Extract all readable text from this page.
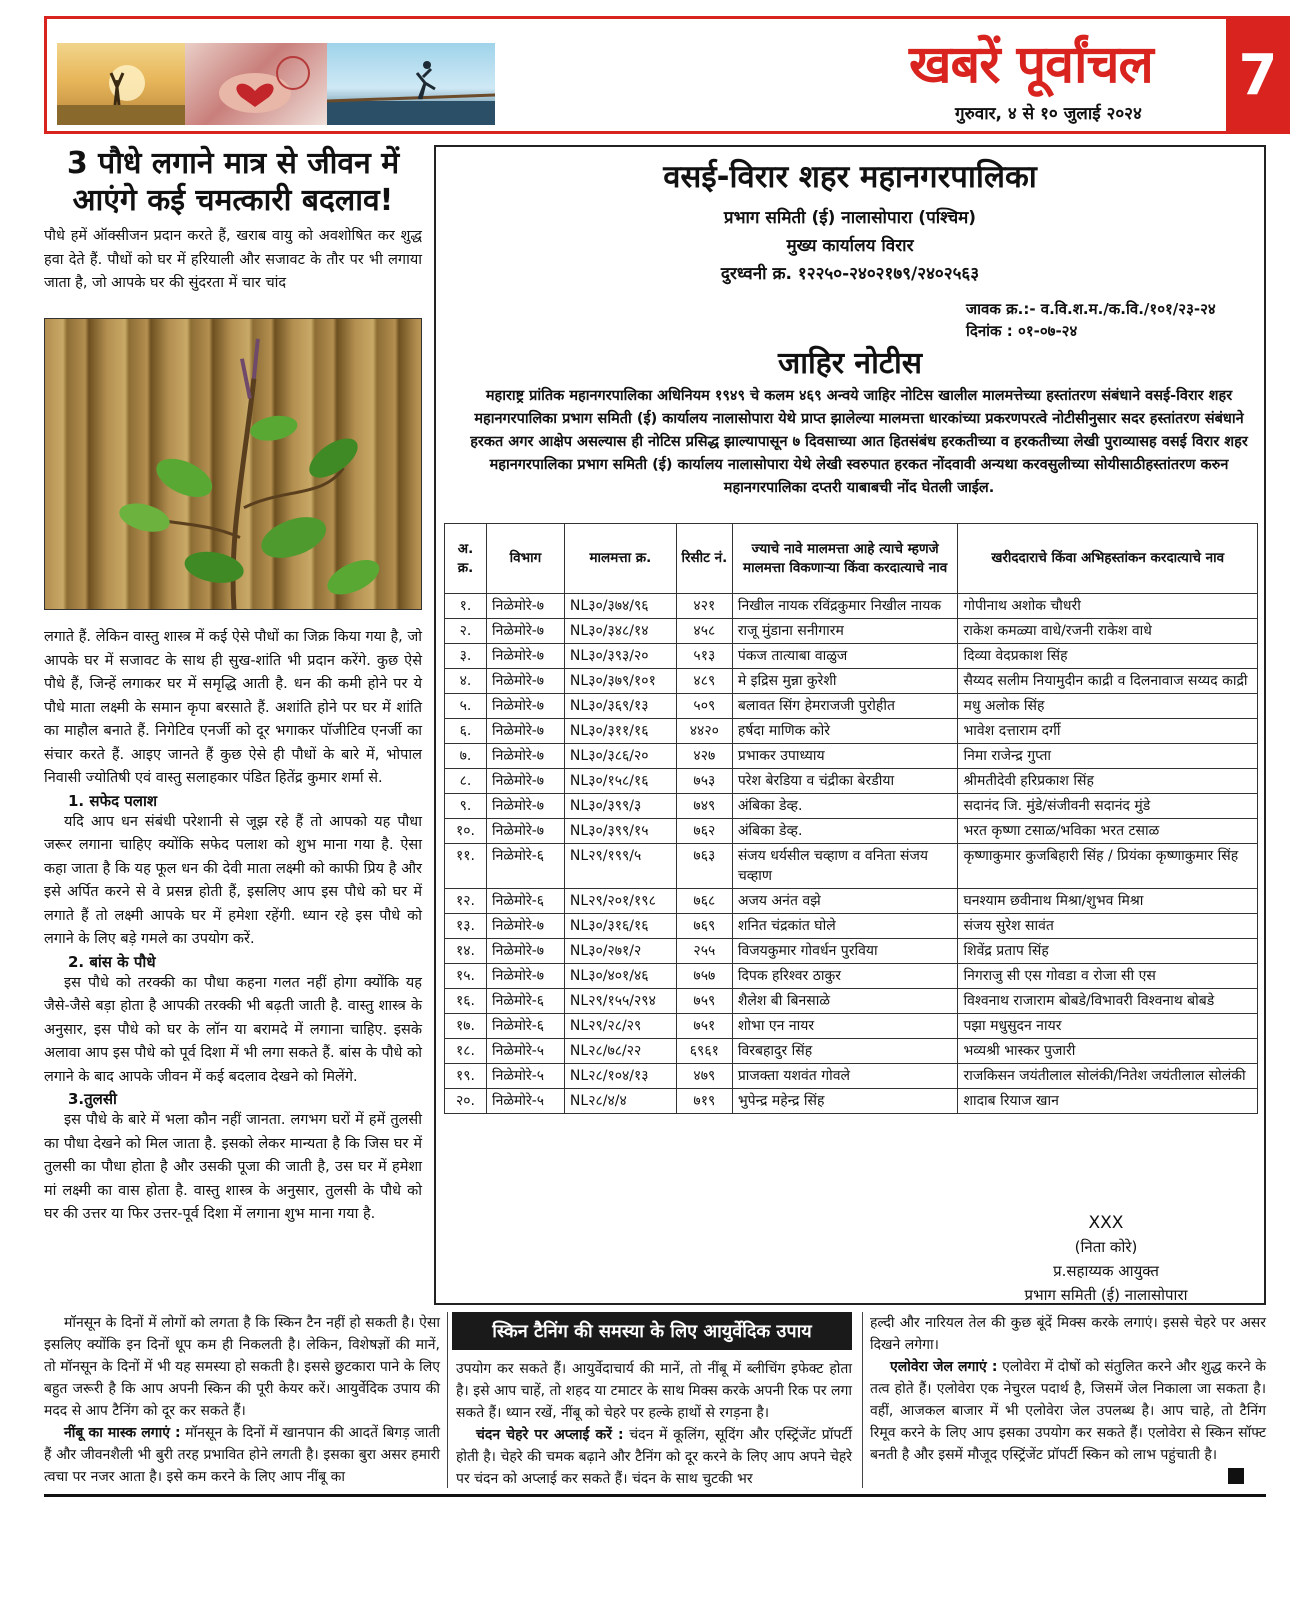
खबरें पूर्वांचल
गुरुवार, ४ से १० जुलाई २०२४
7
3 पौधे लगाने मात्र से जीवन में आएंगे कई चमत्कारी बदलाव!

पौधे हमें ऑक्सीजन प्रदान करते हैं, खराब वायु को अवशोषित कर शुद्ध हवा देते हैं. पौधों को घर में हरियाली और सजावट के तौर पर भी लगाया जाता है, जो आपके घर की सुंदरता में चार चांद

लगाते हैं. लेकिन वास्तु शास्त्र में कई ऐसे पौधों का जिक्र किया गया है, जो आपके घर में सजावट के साथ ही सुख-शांति भी प्रदान करेंगे. कुछ ऐसे पौधे हैं, जिन्हें लगाकर घर में समृद्धि आती है. धन की कमी होने पर ये पौधे माता लक्ष्मी के समान कृपा बरसाते हैं. अशांति होने पर घर में शांति का माहौल बनाते हैं. निगेटिव एनर्जी को दूर भगाकर पॉजीटिव एनर्जी का संचार करते हैं. आइए जानते हैं कुछ ऐसे ही पौधों के बारे में, भोपाल निवासी ज्योतिषी एवं वास्तु सलाहकार पंडित हितेंद्र कुमार शर्मा से.

1. सफेद पलाश

यदि आप धन संबंधी परेशानी से जूझ रहे हैं तो आपको यह पौधा जरूर लगाना चाहिए क्योंकि सफेद पलाश को शुभ माना गया है. ऐसा कहा जाता है कि यह फूल धन की देवी माता लक्ष्मी को काफी प्रिय है और इसे अर्पित करने से वे प्रसन्न होती हैं, इसलिए आप इस पौधे को घर में लगाते हैं तो लक्ष्मी आपके घर में हमेशा रहेंगी. ध्यान रहे इस पौधे को लगाने के लिए बड़े गमले का उपयोग करें.

2. बांस के पौधे

इस पौधे को तरक्की का पौधा कहना गलत नहीं होगा क्योंकि यह जैसे-जैसे बड़ा होता है आपकी तरक्की भी बढ़ती जाती है. वास्तु शास्त्र के अनुसार, इस पौधे को घर के लॉन या बरामदे में लगाना चाहिए. इसके अलावा आप इस पौधे को पूर्व दिशा में भी लगा सकते हैं. बांस के पौधे को लगाने के बाद आपके जीवन में कई बदलाव देखने को मिलेंगे.

3.तुलसी

इस पौधे के बारे में भला कौन नहीं जानता. लगभग घरों में हमें तुलसी का पौधा देखने को मिल जाता है. इसको लेकर मान्यता है कि जिस घर में तुलसी का पौधा होता है और उसकी पूजा की जाती है, उस घर में हमेशा मां लक्ष्मी का वास होता है. वास्तु शास्त्र के अनुसार, तुलसी के पौधे को घर की उत्तर या फिर उत्तर-पूर्व दिशा में लगाना शुभ माना गया है.

वसई-विरार शहर महानगरपालिका
प्रभाग समिती (ई) नालासोपारा (पश्चिम)
मुख्य कार्यालय विरार
दुरध्वनी क्र. १२२५०-२४०२१७९/२४०२५६३
जावक क्र.:- व.वि.श.म./क.वि./१०१/२३-२४
दिनांक : ०१-०७-२४
जाहिर नोटीस
महाराष्ट्र प्रांतिक महानगरपालिका अधिनियम १९४९ चे कलम ४६९ अन्वये जाहिर नोटिस खालील मालमत्तेच्या हस्तांतरण संबंधाने वसई-विरार शहर महानगरपालिका प्रभाग समिती (ई) कार्यालय नालासोपारा येथे प्राप्त झालेल्या मालमत्ता धारकांच्या प्रकरणपरत्वे नोटीसीनुसार सदर हस्तांतरण संबंधाने हरकत अगर आक्षेप असल्यास ही नोटिस प्रसिद्ध झाल्यापासून ७ दिवसाच्या आत हितसंबंध हरकतीच्या व हरकतीच्या लेखी पुराव्यासह वसई विरार शहर महानगरपालिका प्रभाग समिती (ई) कार्यालय नालासोपारा येथे लेखी स्वरुपात हरकत नोंदवावी अन्यथा करवसुलीच्या सोयीसाठीहस्तांतरण करुन महानगरपालिका दप्तरी याबाबची नोंद घेतली जाईल.
अ. क्र.	विभाग	मालमत्ता क्र.	रिसीट नं.	ज्याचे नावे मालमत्ता आहे त्याचे म्हणजे मालमत्ता विकणाऱ्या किंवा करदात्याचे नाव	खरीददाराचे किंवा अभिहस्तांकन करदात्याचे नाव
१.	निळेमोरे-७	NL३०/३७४/९६	४२१	निखील नायक रविंद्रकुमार निखील नायक	गोपीनाथ अशोक चौधरी
२.	निळेमोरे-७	NL३०/३४८/१४	४५८	राजू मुंडाना सनीगारम	राकेश कमळ्या वाधे/रजनी राकेश वाधे
३.	निळेमोरे-७	NL३०/३९३/२०	५१३	पंकज तात्याबा वाळुज	दिव्या वेदप्रकाश सिंह
४.	निळेमोरे-७	NL३०/३७९/१०१	४८९	मे इद्रिस मुन्ना कुरेशी	सैय्यद सलीम नियामुदीन काद्री व दिलनावाज सय्यद काद्री
५.	निळेमोरे-७	NL३०/३६९/१३	५०९	बलावत सिंग हेमराजजी पुरोहीत	मधु अलोक सिंह
६.	निळेमोरे-७	NL३०/३११/१६	४४२०	हर्षदा माणिक कोरे	भावेश दत्ताराम दर्गी
७.	निळेमोरे-७	NL३०/३८६/२०	४२७	प्रभाकर उपाध्याय	निमा राजेन्द्र गुप्ता
८.	निळेमोरे-७	NL३०/१५८/१६	७५३	परेश बेरडिया व चंद्रीका बेरडीया	श्रीमतीदेवी हरिप्रकाश सिंह
९.	निळेमोरे-७	NL३०/३९९/३	७४९	अंबिका डेव्ह.	सदानंद जि. मुंडे/संजीवनी सदानंद मुंडे
१०.	निळेमोरे-७	NL३०/३९९/१५	७६२	अंबिका डेव्ह.	भरत कृष्णा टसाळ/भविका भरत टसाळ
११.	निळेमोरे-६	NL२९/१९९/५	७६३	संजय धर्यसील चव्हाण व वनिता संजय चव्हाण	कृष्णाकुमार कुजबिहारी सिंह / प्रियंका कृष्णाकुमार सिंह
१२.	निळेमोरे-६	NL२९/२०१/१९८	७६८	अजय अनंत वझे	घनश्याम छवीनाथ मिश्रा/शुभव मिश्रा
१३.	निळेमोरे-७	NL३०/३१६/१६	७६९	शनित चंद्रकांत घोले	संजय सुरेश सावंत
१४.	निळेमोरे-७	NL३०/२७१/२	२५५	विजयकुमार गोवर्धन पुरविया	शिवेंद्र प्रताप सिंह
१५.	निळेमोरे-७	NL३०/४०१/४६	७५७	दिपक हरिश्वर ठाकुर	निगराजु सी एस गोवडा व रोजा सी एस
१६.	निळेमोरे-६	NL२९/१५५/२९४	७५९	शैलेश बी बिनसाळे	विश्वनाथ राजाराम बोबडे/विभावरी विश्वनाथ बोबडे
१७.	निळेमोरे-६	NL२९/२८/२९	७५१	शोभा एन नायर	पझा मधुसुदन नायर
१८.	निळेमोरे-५	NL२८/७८/२२	६९६१	विरबहादुर सिंह	भव्यश्री भास्कर पुजारी
१९.	निळेमोरे-५	NL२८/१०४/१३	४७९	प्राजक्ता यशवंत गोवले	राजकिसन जयंतीलाल सोलंकी/नितेश जयंतीलाल सोलंकी
२०.	निळेमोरे-५	NL२८/४/४	७१९	भुपेन्द्र महेन्द्र सिंह	शादाब रियाज खान
XXX
(निता कोरे)
प्र.सहाय्यक आयुक्त
प्रभाग समिती (ई) नालासोपारा

मॉनसून के दिनों में लोगों को लगता है कि स्किन टैन नहीं हो सकती है। ऐसा इसलिए क्योंकि इन दिनों धूप कम ही निकलती है। लेकिन, विशेषज्ञों की मानें, तो मॉनसून के दिनों में भी यह समस्या हो सकती है। इससे छुटकारा पाने के लिए बहुत जरूरी है कि आप अपनी स्किन की पूरी केयर करें। आयुर्वेदिक उपाय की मदद से आप टैनिंग को दूर कर सकते हैं।

नींबू का मास्क लगाएं : मॉनसून के दिनों में खानपान की आदतें बिगड़ जाती हैं और जीवनशैली भी बुरी तरह प्रभावित होने लगती है। इसका बुरा असर हमारी त्वचा पर नजर आता है। इसे कम करने के लिए आप नींबू का

स्किन टैनिंग की समस्या के लिए आयुर्वेदिक उपाय

उपयोग कर सकते हैं। आयुर्वेदाचार्य की मानें, तो नींबू में ब्लीचिंग इफेक्ट होता है। इसे आप चाहें, तो शहद या टमाटर के साथ मिक्स करके अपनी रिक पर लगा सकते हैं। ध्यान रखें, नींबू को चेहरे पर हल्के हाथों से रगड़ना है।

चंदन चेहरे पर अप्लाई करें : चंदन में कूलिंग, सूदिंग और एस्ट्रिंजेंट प्रॉपर्टी होती है। चेहरे की चमक बढ़ाने और टैनिंग को दूर करने के लिए आप अपने चेहरे पर चंदन को अप्लाई कर सकते हैं। चंदन के साथ चुटकी भर

हल्दी और नारियल तेल की कुछ बूंदें मिक्स करके लगाएं। इससे चेहरे पर असर दिखने लगेगा।

एलोवेरा जेल लगाएं : एलोवेरा में दोषों को संतुलित करने और शुद्ध करने के तत्व होते हैं। एलोवेरा एक नेचुरल पदार्थ है, जिसमें जेल निकाला जा सकता है। वहीं, आजकल बाजार में भी एलोवेरा जेल उपलब्ध है। आप चाहे, तो टैनिंग रिमूव करने के लिए आप इसका उपयोग कर सकते हैं। एलोवेरा से स्किन सॉफ्ट बनती है और इसमें मौजूद एस्ट्रिंजेंट प्रॉपर्टी स्किन को लाभ पहुंचाती है।
